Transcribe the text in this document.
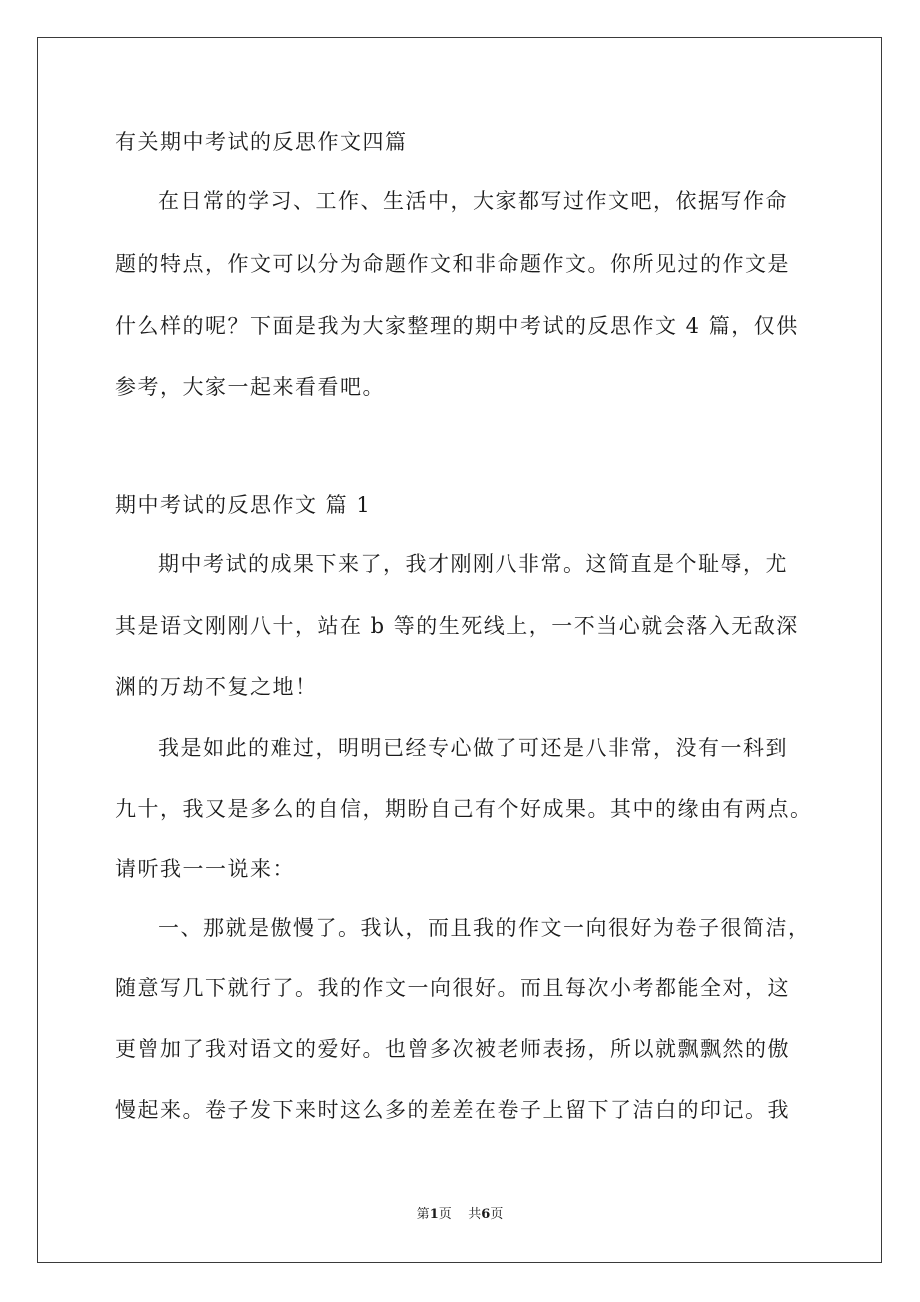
有关期中考试的反思作文四篇
在日常的学习、工作、生活中，大家都写过作文吧，依据写作命
题的特点，作文可以分为命题作文和非命题作文。你所见过的作文是
什么样的呢？下面是我为大家整理的期中考试的反思作文 4 篇，仅供
参考，大家一起来看看吧。
期中考试的反思作文 篇 1
期中考试的成果下来了，我才刚刚八非常。这简直是个耻辱，尤
其是语文刚刚八十，站在 b 等的生死线上，一不当心就会落入无敌深
渊的万劫不复之地！
我是如此的难过，明明已经专心做了可还是八非常，没有一科到
九十，我又是多么的自信，期盼自己有个好成果。其中的缘由有两点。
请听我一一说来：
一、那就是傲慢了。我认，而且我的作文一向很好为卷子很简洁，
随意写几下就行了。我的作文一向很好。而且每次小考都能全对，这
更曾加了我对语文的爱好。也曾多次被老师表扬，所以就飘飘然的傲
慢起来。卷子发下来时这么多的差差在卷子上留下了洁白的印记。我
第1页    共6页
